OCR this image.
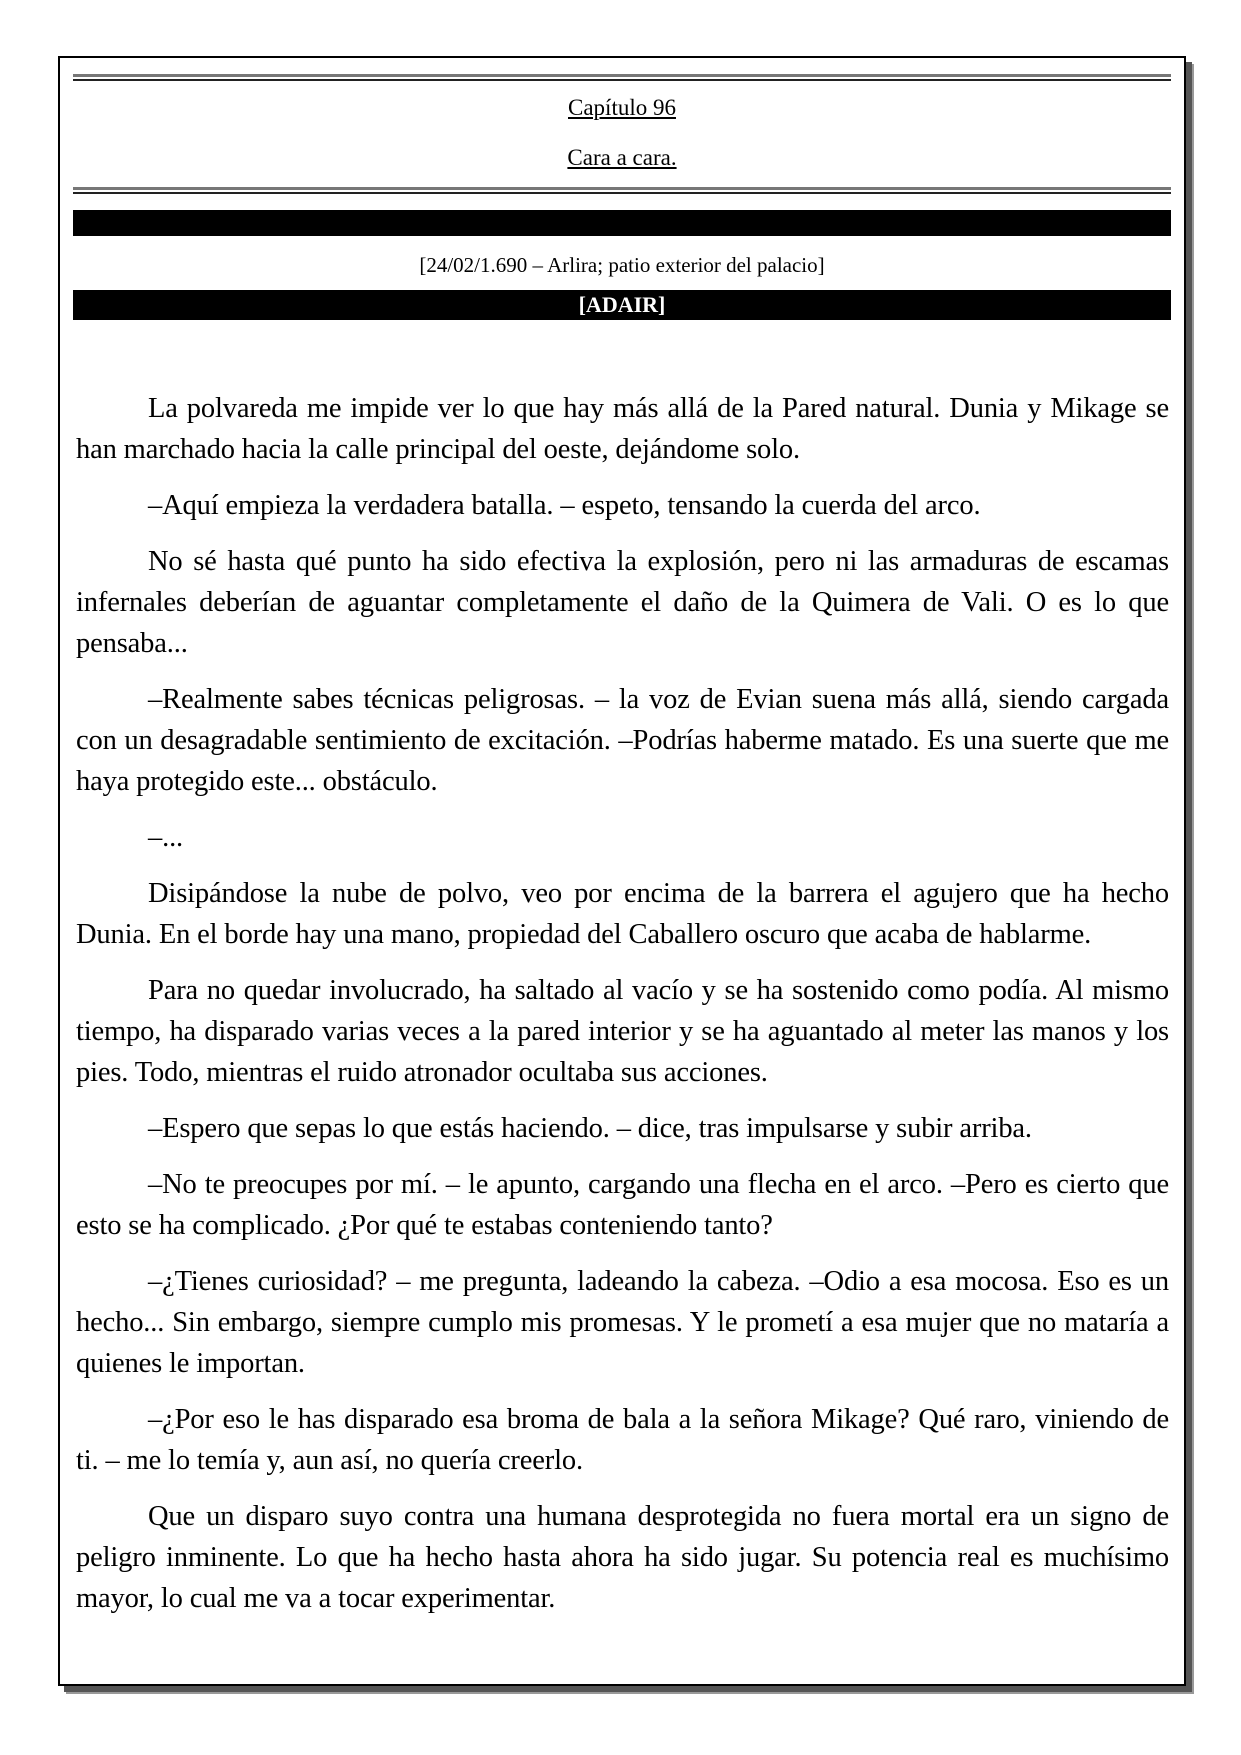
Capítulo 96
Cara a cara.
[24/02/1.690 – Arlira; patio exterior del palacio]
[ADAIR]

La polvareda me impide ver lo que hay más allá de la Pared natural. Dunia y Mikage se han marchado hacia la calle principal del oeste, dejándome solo.

–Aquí empieza la verdadera batalla. – espeto, tensando la cuerda del arco.

No sé hasta qué punto ha sido efectiva la explosión, pero ni las armaduras de escamas infernales deberían de aguantar completamente el daño de la Quimera de Vali. O es lo que pensaba...

–Realmente sabes técnicas peligrosas. – la voz de Evian suena más allá, siendo cargada con un desagradable sentimiento de excitación. –Podrías haberme matado. Es una suerte que me haya protegido este... obstáculo.

–...

Disipándose la nube de polvo, veo por encima de la barrera el agujero que ha hecho Dunia. En el borde hay una mano, propiedad del Caballero oscuro que acaba de hablarme.

Para no quedar involucrado, ha saltado al vacío y se ha sostenido como podía. Al mismo tiempo, ha disparado varias veces a la pared interior y se ha aguantado al meter las manos y los pies. Todo, mientras el ruido atronador ocultaba sus acciones.

–Espero que sepas lo que estás haciendo. – dice, tras impulsarse y subir arriba.

–No te preocupes por mí. – le apunto, cargando una flecha en el arco. –Pero es cierto que esto se ha complicado. ¿Por qué te estabas conteniendo tanto?

–¿Tienes curiosidad? – me pregunta, ladeando la cabeza. –Odio a esa mocosa. Eso es un hecho... Sin embargo, siempre cumplo mis promesas. Y le prometí a esa mujer que no mataría a quienes le importan.

–¿Por eso le has disparado esa broma de bala a la señora Mikage? Qué raro, viniendo de ti. – me lo temía y, aun así, no quería creerlo.

Que un disparo suyo contra una humana desprotegida no fuera mortal era un signo de peligro inminente. Lo que ha hecho hasta ahora ha sido jugar. Su potencia real es muchísimo mayor, lo cual me va a tocar experimentar.
